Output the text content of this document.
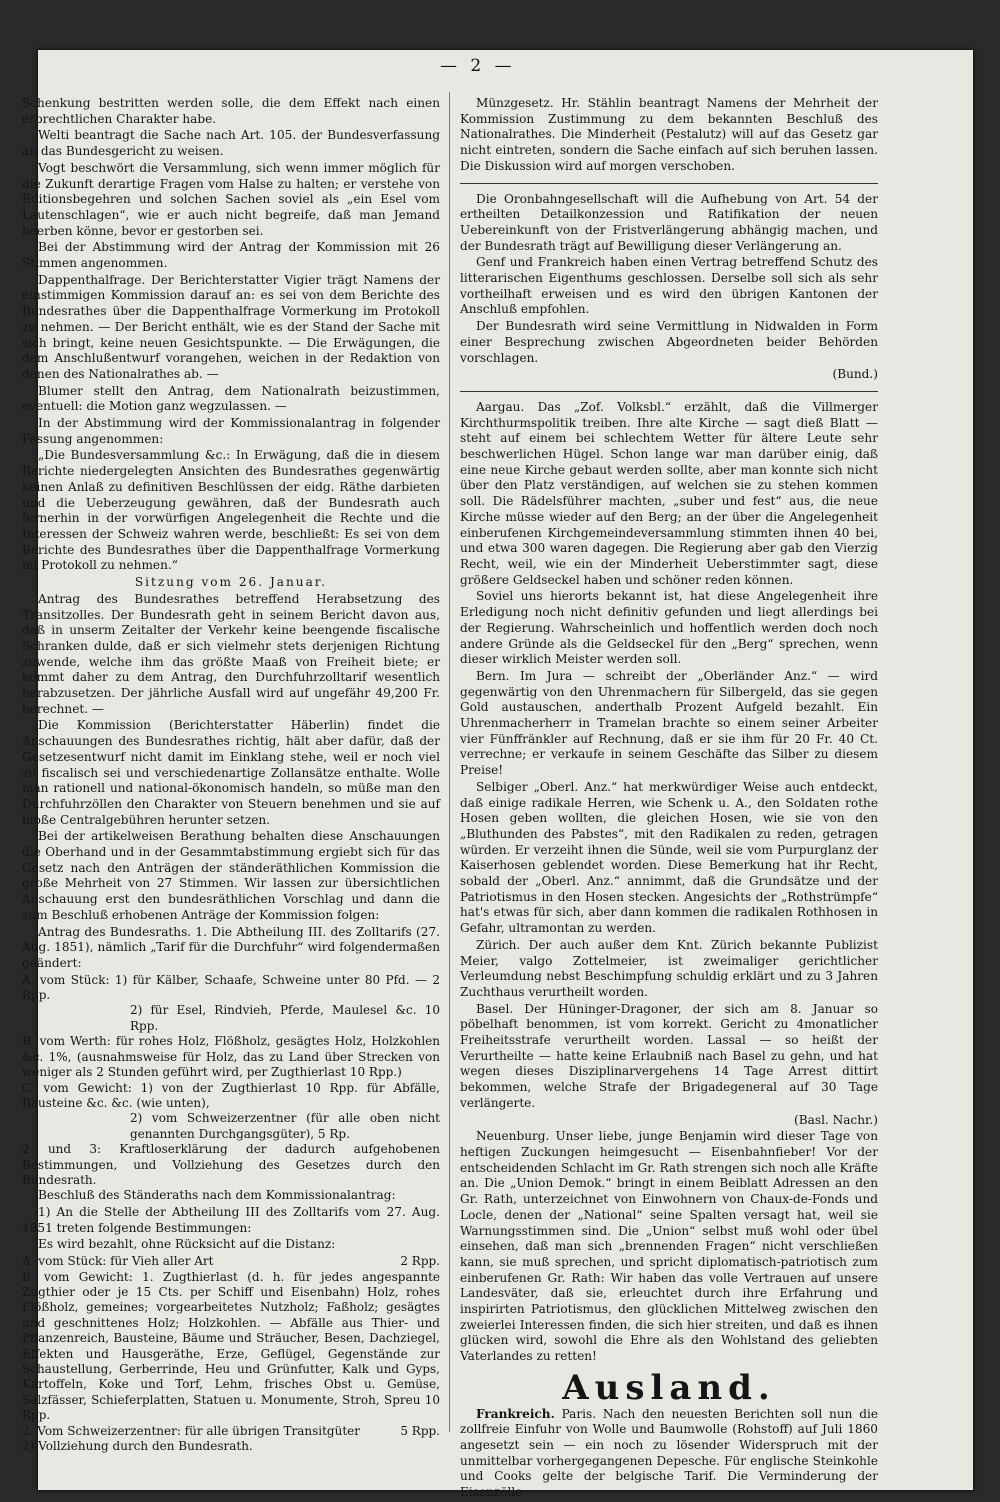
— 2 —

Schenkung bestritten werden solle, die dem Effekt nach einen erbrechtlichen Charakter habe.

Welti beantragt die Sache nach Art. 105. der Bundesverfassung an das Bundesgericht zu weisen.

Vogt beschwört die Versammlung, sich wenn immer möglich für die Zukunft derartige Fragen vom Halse zu halten; er verstehe von Editionsbegehren und solchen Sachen soviel als „ein Esel vom Lautenschlagen“, wie er auch nicht begreife, daß man Jemand beerben könne, bevor er gestorben sei.

Bei der Abstimmung wird der Antrag der Kommission mit 26 Stimmen angenommen.

Dappenthalfrage. Der Berichterstatter Vigier trägt Namens der einstimmigen Kommission darauf an: es sei von dem Berichte des Bundesrathes über die Dappenthalfrage Vormerkung im Protokoll zu nehmen. — Der Bericht enthält, wie es der Stand der Sache mit sich bringt, keine neuen Gesichtspunkte. — Die Erwägungen, die dem Anschlußentwurf vorangehen, weichen in der Redaktion von denen des Nationalrathes ab. —

Blumer stellt den Antrag, dem Nationalrath beizustimmen, eventuell: die Motion ganz wegzulassen. —

In der Abstimmung wird der Kommissionalantrag in folgender Fassung angenommen:

„Die Bundesversammlung &c.: In Erwägung, daß die in diesem Berichte niedergelegten Ansichten des Bundesrathes gegenwärtig keinen Anlaß zu definitiven Beschlüssen der eidg. Räthe darbieten und die Ueberzeugung gewähren, daß der Bundesrath auch fernerhin in der vorwürfigen Angelegenheit die Rechte und die Interessen der Schweiz wahren werde, beschließt: Es sei von dem Berichte des Bundesrathes über die Dappenthalfrage Vormerkung im Protokoll zu nehmen.“

Sitzung vom 26. Januar.

Antrag des Bundesrathes betreffend Herabsetzung des Transitzolles. Der Bundesrath geht in seinem Bericht davon aus, daß in unserm Zeitalter der Verkehr keine beengende fiscalische Schranken dulde, daß er sich vielmehr stets derjenigen Richtung zuwende, welche ihm das größte Maaß von Freiheit biete; er kommt daher zu dem Antrag, den Durchfuhrzolltarif wesentlich herabzusetzen. Der jährliche Ausfall wird auf ungefähr 49,200 Fr. berechnet. —

Die Kommission (Berichterstatter Häberlin) findet die Anschauungen des Bundesrathes richtig, hält aber dafür, daß der Gesetzesentwurf nicht damit im Einklang stehe, weil er noch viel zu fiscalisch sei und verschiedenartige Zollansätze enthalte. Wolle man rationell und national-ökonomisch handeln, so müße man den Durchfuhrzöllen den Charakter von Steuern benehmen und sie auf bloße Centralgebühren herunter setzen.

Bei der artikelweisen Berathung behalten diese Anschauungen die Oberhand und in der Gesammtabstimmung ergiebt sich für das Gesetz nach den Anträgen der ständeräthlichen Kommission die große Mehrheit von 27 Stimmen. Wir lassen zur übersichtlichen Anschauung erst den bundesräthlichen Vorschlag und dann die zum Beschluß erhobenen Anträge der Kommission folgen:

Antrag des Bundesraths. 1. Die Abtheilung III. des Zolltarifs (27. Aug. 1851), nämlich „Tarif für die Durchfuhr“ wird folgendermaßen geändert:

A. vom Stück: 1) für Kälber, Schaafe, Schweine unter 80 Pfd. — 2 Rpp.
2) für Esel, Rindvieh, Pferde, Maulesel &c. 10 Rpp.
B. vom Werth: für rohes Holz, Flößholz, gesägtes Holz, Holzkohlen &c. 1%, (ausnahmsweise für Holz, das zu Land über Strecken von weniger als 2 Stunden geführt wird, per Zugthierlast 10 Rpp.)
C. vom Gewicht: 1) von der Zugthierlast 10 Rpp. für Abfälle, Bausteine &c. &c. (wie unten),
2) vom Schweizerzentner (für alle oben nicht genannten Durchgangsgüter), 5 Rp.
2 und 3: Kraftloserklärung der dadurch aufgehobenen Bestimmungen, und Vollziehung des Gesetzes durch den Bundesrath.

Beschluß des Ständeraths nach dem Kommissionalantrag:

1) An die Stelle der Abtheilung III des Zolltarifs vom 27. Aug. 1851 treten folgende Bestimmungen:

Es wird bezahlt, ohne Rücksicht auf die Distanz:

A. vom Stück: für Vieh aller Art	2 Rpp.
B. vom Gewicht: 1. Zugthierlast (d. h. für jedes angespannte Zugthier oder je 15 Cts. per Schiff und Eisenbahn) Holz, rohes Flößholz, gemeines; vorgearbeitetes Nutzholz; Faßholz; gesägtes und geschnittenes Holz; Holzkohlen. — Abfälle aus Thier- und Pflanzenreich, Bausteine, Bäume und Sträucher, Besen, Dachziegel, Effekten und Hausgeräthe, Erze, Geflügel, Gegenstände zur Schaustellung, Gerberrinde, Heu und Grünfutter, Kalk und Gyps, Kartoffeln, Koke und Torf, Lehm, frisches Obst u. Gemüse, Salzfässer, Schieferplatten, Statuen u. Monumente, Stroh, Spreu 10 Rpp.
2. Vom Schweizerzentner: für alle übrigen Transitgüter	5 Rpp.
2) Vollziehung durch den Bundesrath.

Münzgesetz. Hr. Stählin beantragt Namens der Mehrheit der Kommission Zustimmung zu dem bekannten Beschluß des Nationalrathes. Die Minderheit (Pestalutz) will auf das Gesetz gar nicht eintreten, sondern die Sache einfach auf sich beruhen lassen. Die Diskussion wird auf morgen verschoben.

Die Oronbahngesellschaft will die Aufhebung von Art. 54 der ertheilten Detailkonzession und Ratifikation der neuen Uebereinkunft von der Fristverlängerung abhängig machen, und der Bundesrath trägt auf Bewilligung dieser Verlängerung an.

Genf und Frankreich haben einen Vertrag betreffend Schutz des litterarischen Eigenthums geschlossen. Derselbe soll sich als sehr vortheilhaft erweisen und es wird den übrigen Kantonen der Anschluß empfohlen.

Der Bundesrath wird seine Vermittlung in Nidwalden in Form einer Besprechung zwischen Abgeordneten beider Behörden vorschlagen.

(Bund.)

Aargau. Das „Zof. Volksbl.“ erzählt, daß die Villmerger Kirchthurmspolitik treiben. Ihre alte Kirche — sagt dieß Blatt — steht auf einem bei schlechtem Wetter für ältere Leute sehr beschwerlichen Hügel. Schon lange war man darüber einig, daß eine neue Kirche gebaut werden sollte, aber man konnte sich nicht über den Platz verständigen, auf welchen sie zu stehen kommen soll. Die Rädelsführer machten, „suber und fest“ aus, die neue Kirche müsse wieder auf den Berg; an der über die Angelegenheit einberufenen Kirchgemeindeversammlung stimmten ihnen 40 bei, und etwa 300 waren dagegen. Die Regierung aber gab den Vierzig Recht, weil, wie ein der Minderheit Ueberstimmter sagt, diese größere Geldseckel haben und schöner reden können.

Soviel uns hierorts bekannt ist, hat diese Angelegenheit ihre Erledigung noch nicht definitiv gefunden und liegt allerdings bei der Regierung. Wahrscheinlich und hoffentlich werden doch noch andere Gründe als die Geldseckel für den „Berg“ sprechen, wenn dieser wirklich Meister werden soll.

Bern. Im Jura — schreibt der „Oberländer Anz.“ — wird gegenwärtig von den Uhrenmachern für Silbergeld, das sie gegen Gold austauschen, anderthalb Prozent Aufgeld bezahlt. Ein Uhrenmacherherr in Tramelan brachte so einem seiner Arbeiter vier Fünffränkler auf Rechnung, daß er sie ihm für 20 Fr. 40 Ct. verrechne; er verkaufe in seinem Geschäfte das Silber zu diesem Preise!

Selbiger „Oberl. Anz.“ hat merkwürdiger Weise auch entdeckt, daß einige radikale Herren, wie Schenk u. A., den Soldaten rothe Hosen geben wollten, die gleichen Hosen, wie sie von den „Bluthunden des Pabstes“, mit den Radikalen zu reden, getragen würden. Er verzeiht ihnen die Sünde, weil sie vom Purpurglanz der Kaiserhosen geblendet worden. Diese Bemerkung hat ihr Recht, sobald der „Oberl. Anz.“ annimmt, daß die Grundsätze und der Patriotismus in den Hosen stecken. Angesichts der „Rothstrümpfe“ hat's etwas für sich, aber dann kommen die radikalen Rothhosen in Gefahr, ultramontan zu werden.

Zürich. Der auch außer dem Knt. Zürich bekannte Publizist Meier, valgo Zottelmeier, ist zweimaliger gerichtlicher Verleumdung nebst Beschimpfung schuldig erklärt und zu 3 Jahren Zuchthaus verurtheilt worden.

Basel. Der Hüninger-Dragoner, der sich am 8. Januar so pöbelhaft benommen, ist vom korrekt. Gericht zu 4monatlicher Freiheitsstrafe verurtheilt worden. Lassal — so heißt der Verurtheilte — hatte keine Erlaubniß nach Basel zu gehn, und hat wegen dieses Disziplinarvergehens 14 Tage Arrest dittirt bekommen, welche Strafe der Brigadegeneral auf 30 Tage verlängerte.

(Basl. Nachr.)

Neuenburg. Unser liebe, junge Benjamin wird dieser Tage von heftigen Zuckungen heimgesucht — Eisenbahnfieber! Vor der entscheidenden Schlacht im Gr. Rath strengen sich noch alle Kräfte an. Die „Union Demok.“ bringt in einem Beiblatt Adressen an den Gr. Rath, unterzeichnet von Einwohnern von Chaux-de-Fonds und Locle, denen der „National“ seine Spalten versagt hat, weil sie Warnungsstimmen sind. Die „Union“ selbst muß wohl oder übel einsehen, daß man sich „brennenden Fragen“ nicht verschließen kann, sie muß sprechen, und spricht diplomatisch-patriotisch zum einberufenen Gr. Rath: Wir haben das volle Vertrauen auf unsere Landesväter, daß sie, erleuchtet durch ihre Erfahrung und inspirirten Patriotismus, den glücklichen Mittelweg zwischen den zweierlei Interessen finden, die sich hier streiten, und daß es ihnen glücken wird, sowohl die Ehre als den Wohlstand des geliebten Vaterlandes zu retten!

Ausland.

Frankreich. Paris. Nach den neuesten Berichten soll nun die zollfreie Einfuhr von Wolle und Baumwolle (Rohstoff) auf Juli 1860 angesetzt sein — ein noch zu lösender Widerspruch mit der unmittelbar vorhergegangenen Depesche. Für englische Steinkohle und Cooks gelte der belgische Tarif. Die Verminderung der Eisenzölle
